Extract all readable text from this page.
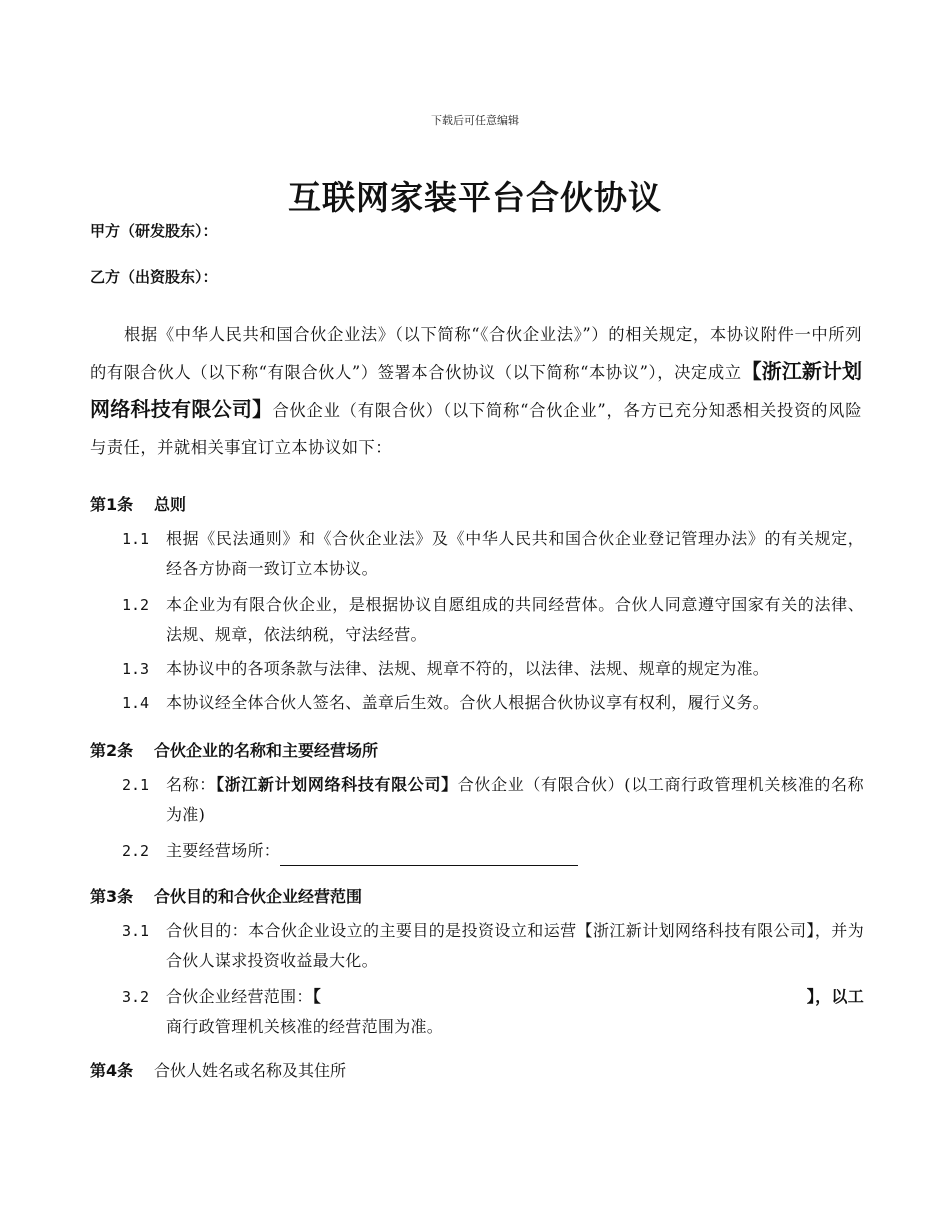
下载后可任意编辑
互联网家装平台合伙协议
甲方（研发股东）：
乙方（出资股东）：
根据《中华人民共和国合伙企业法》（以下简称“《合伙企业法》”）的相关规定，本协议附件一中所列的有限合伙人（以下称“有限合伙人”）签署本合伙协议（以下简称“本协议”），决定成立【浙江新计划网络科技有限公司】合伙企业（有限合伙）（以下简称“合伙企业”，各方已充分知悉相关投资的风险与责任，并就相关事宜订立本协议如下：
第1条 总则
1.1	根据《民法通则》和《合伙企业法》及《中华人民共和国合伙企业登记管理办法》的有关规定，经各方协商一致订立本协议。
1.2	本企业为有限合伙企业，是根据协议自愿组成的共同经营体。合伙人同意遵守国家有关的法律、法规、规章，依法纳税，守法经营。
1.3	本协议中的各项条款与法律、法规、规章不符的，以法律、法规、规章的规定为准。
1.4	本协议经全体合伙人签名、盖章后生效。合伙人根据合伙协议享有权利，履行义务。
第2条 合伙企业的名称和主要经营场所
2.1	名称：【浙江新计划网络科技有限公司】合伙企业（有限合伙）(以工商行政管理机关核准的名称为准)
2.2	主要经营场所：
第3条 合伙目的和合伙企业经营范围
3.1	合伙目的：本合伙企业设立的主要目的是投资设立和运营【浙江新计划网络科技有限公司】，并为合伙人谋求投资收益最大化。
3.2	合伙企业经营范围：【	】，以工
商行政管理机关核准的经营范围为准。
第4条 合伙人姓名或名称及其住所
